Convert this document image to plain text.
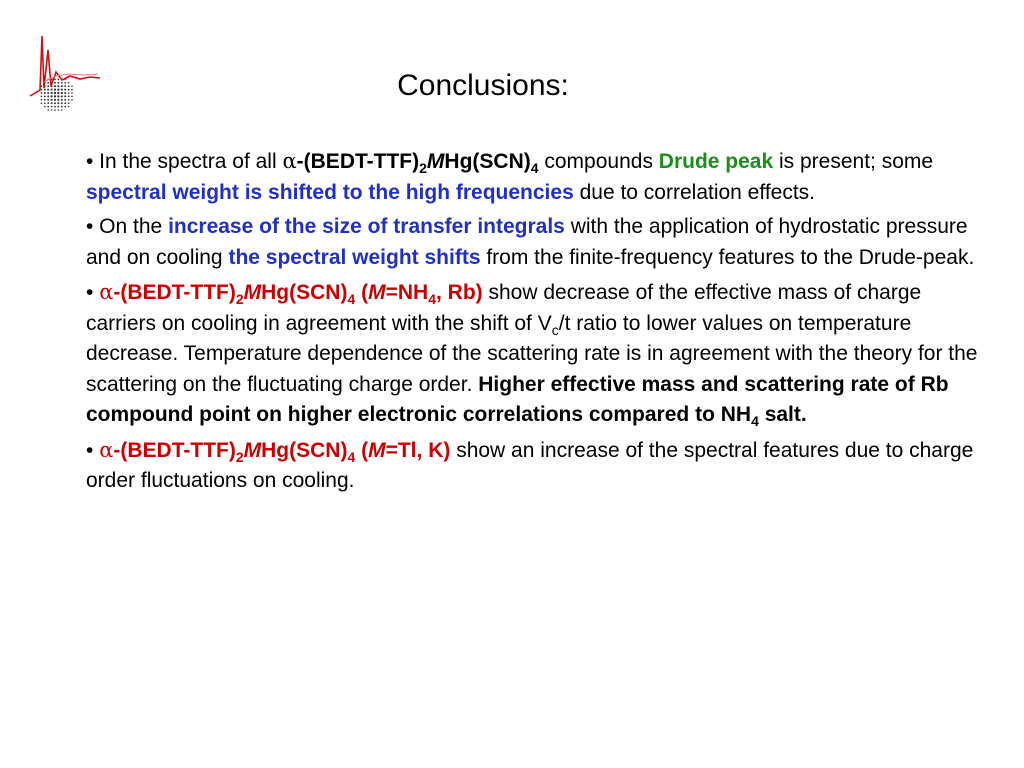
Conclusions:

• In the spectra of all $\alpha-(BEDT-TTF)_2MHg(SCN)_4$ compounds Drude peak is present; some spectral weight is shifted to the high frequencies due to correlation effects.

• On the increase of the size of transfer integrals with the application of hydrostatic pressure and on cooling the spectral weight shifts from the finite-frequency features to the Drude-peak.

• $\alpha-(BEDT-TTF)_2MHg(SCN)_4$ ($M=NH_4$, Rb) show decrease of the effective mass of charge carriers on cooling in agreement with the shift of $V_c/t$ ratio to lower values on temperature decrease. Temperature dependence of the scattering rate is in agreement with the theory for the scattering on the fluctuating charge order. Higher effective mass and scattering rate of Rb compound point on higher electronic correlations compared to $NH_4$ salt.

• $\alpha-(BEDT-TTF)_2MHg(SCN)_4$ (M=Tl, K) show an increase of the spectral features due to charge order fluctuations on cooling.
